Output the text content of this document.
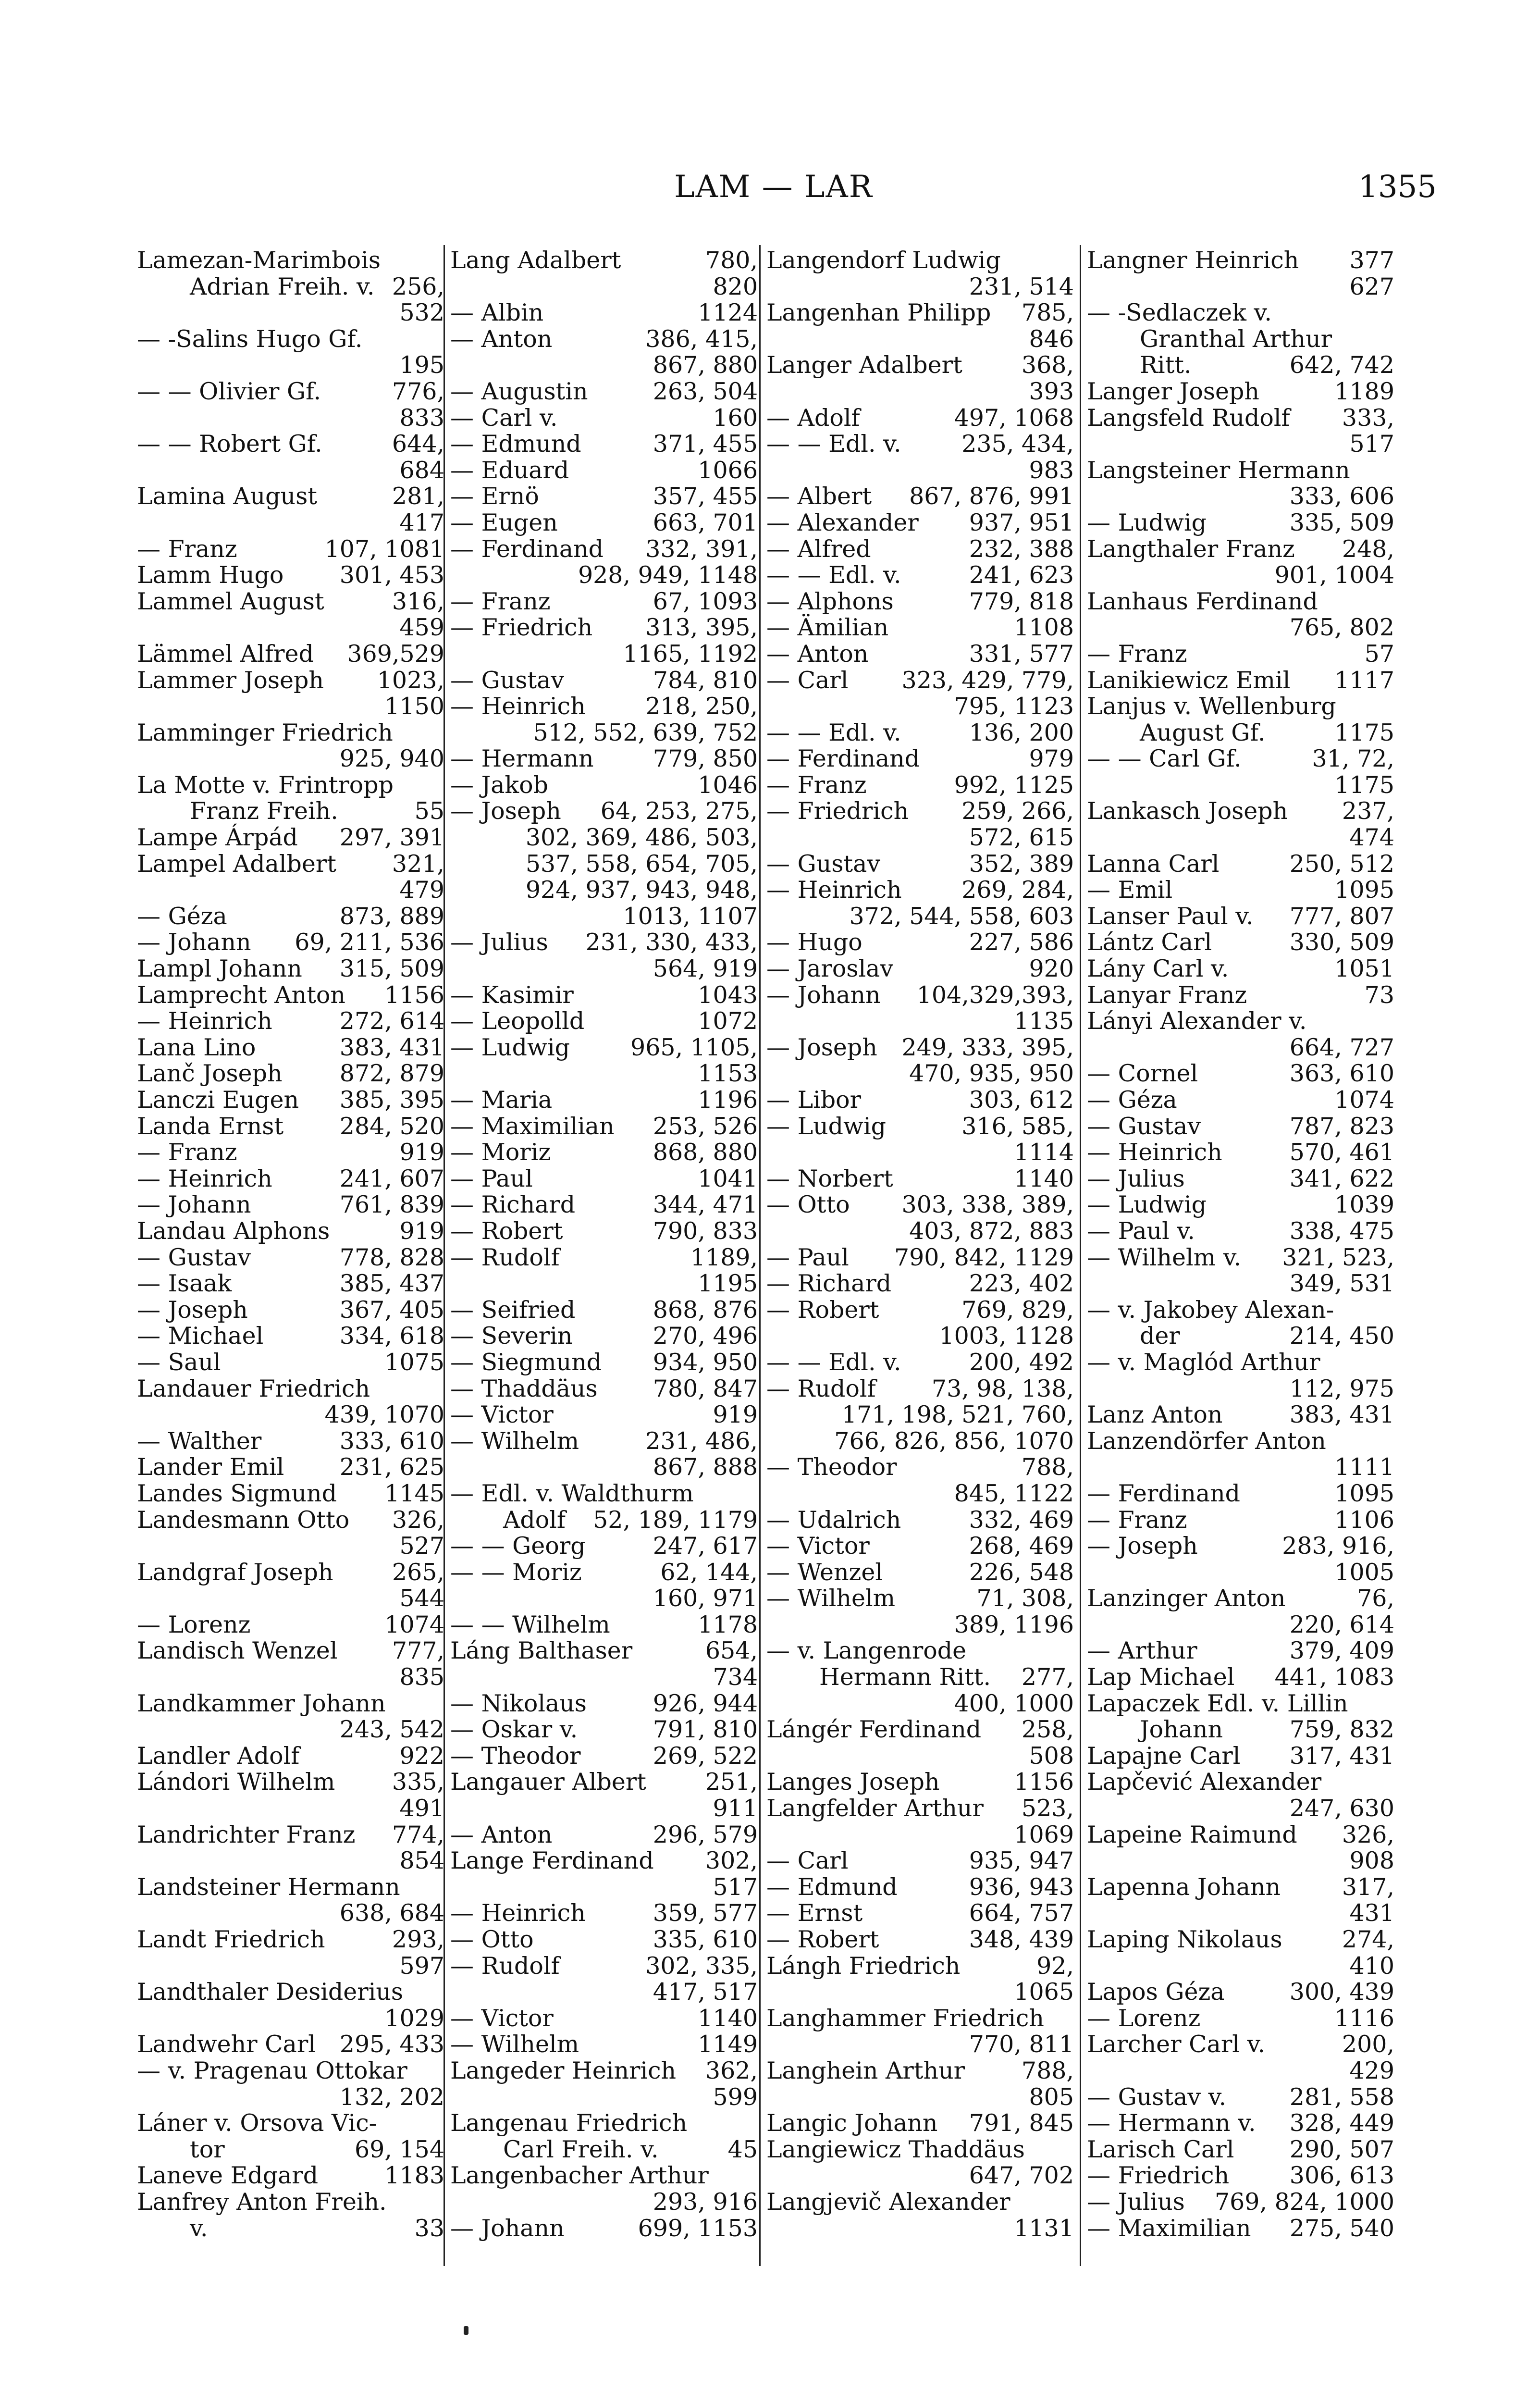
LAM — LAR	1355
Lamezan-Marimbois
256,
Adrian Freih. v.
532
— -Salins Hugo Gf.
195
776,
— — Olivier Gf.
833
644,
— — Robert Gf.
684
281,
Lamina August
417
107, 1081
— Franz
301, 453
Lamm Hugo
316,
Lammel August
459
369,529
Lämmel Alfred
1023,
Lammer Joseph
1150
Lamminger Friedrich
925, 940
La Motte v. Frintropp
55
Franz Freih.
297, 391
Lampe Árpád
321,
Lampel Adalbert
479
873, 889
— Géza
69, 211, 536
— Johann
315, 509
Lampl Johann
1156
Lamprecht Anton
272, 614
— Heinrich
383, 431
Lana Lino
872, 879
Lanč Joseph
385, 395
Lanczi Eugen
284, 520
Landa Ernst
919
— Franz
241, 607
— Heinrich
761, 839
— Johann
919
Landau Alphons
778, 828
— Gustav
385, 437
— Isaak
367, 405
— Joseph
334, 618
— Michael
1075
— Saul
Landauer Friedrich
439, 1070
333, 610
— Walther
231, 625
Lander Emil
1145
Landes Sigmund
326,
Landesmann Otto
527
265,
Landgraf Joseph
544
1074
— Lorenz
777,
Landisch Wenzel
835
Landkammer Johann
243, 542
922
Landler Adolf
335,
Lándori Wilhelm
491
774,
Landrichter Franz
854
Landsteiner Hermann
638, 684
293,
Landt Friedrich
597
Landthaler Desiderius
1029
295, 433
Landwehr Carl
— v. Pragenau Ottokar
132, 202
Láner v. Orsova Vic-
69, 154
tor
1183
Laneve Edgard
Lanfrey Anton Freih.
33
v.
780,
Lang Adalbert
820
1124
— Albin
386, 415,
— Anton
867, 880
263, 504
— Augustin
160
— Carl v.
371, 455
— Edmund
1066
— Eduard
357, 455
— Ernö
663, 701
— Eugen
332, 391,
— Ferdinand
928, 949, 1148
67, 1093
— Franz
313, 395,
— Friedrich
1165, 1192
784, 810
— Gustav
218, 250,
— Heinrich
512, 552, 639, 752
779, 850
— Hermann
1046
— Jakob
64, 253, 275,
— Joseph
302, 369, 486, 503,
537, 558, 654, 705,
924, 937, 943, 948,
1013, 1107
231, 330, 433,
— Julius
564, 919
1043
— Kasimir
1072
— Leopolld
965, 1105,
— Ludwig
1153
1196
— Maria
253, 526
— Maximilian
868, 880
— Moriz
1041
— Paul
344, 471
— Richard
790, 833
— Robert
1189,
— Rudolf
1195
868, 876
— Seifried
270, 496
— Severin
934, 950
— Siegmund
780, 847
— Thaddäus
919
— Victor
231, 486,
— Wilhelm
867, 888
— Edl. v. Waldthurm
52, 189, 1179
Adolf
247, 617
— — Georg
62, 144,
— — Moriz
160, 971
1178
— — Wilhelm
654,
Láng Balthaser
734
926, 944
— Nikolaus
791, 810
— Oskar v.
269, 522
— Theodor
251,
Langauer Albert
911
296, 579
— Anton
302,
Lange Ferdinand
517
359, 577
— Heinrich
335, 610
— Otto
302, 335,
— Rudolf
417, 517
1140
— Victor
1149
— Wilhelm
362,
Langeder Heinrich
599
Langenau Friedrich
45
Carl Freih. v.
Langenbacher Arthur
293, 916
699, 1153
— Johann
Langendorf Ludwig
231, 514
785,
Langenhan Philipp
846
368,
Langer Adalbert
393
497, 1068
— Adolf
235, 434,
— — Edl. v.
983
867, 876, 991
— Albert
937, 951
— Alexander
232, 388
— Alfred
241, 623
— — Edl. v.
779, 818
— Alphons
1108
— Ämilian
331, 577
— Anton
323, 429, 779,
— Carl
795, 1123
136, 200
— — Edl. v.
979
— Ferdinand
992, 1125
— Franz
259, 266,
— Friedrich
572, 615
352, 389
— Gustav
269, 284,
— Heinrich
372, 544, 558, 603
227, 586
— Hugo
920
— Jaroslav
104,329,393,
— Johann
1135
249, 333, 395,
— Joseph
470, 935, 950
303, 612
— Libor
316, 585,
— Ludwig
1114
1140
— Norbert
303, 338, 389,
— Otto
403, 872, 883
790, 842, 1129
— Paul
223, 402
— Richard
769, 829,
— Robert
1003, 1128
200, 492
— — Edl. v.
73, 98, 138,
— Rudolf
171, 198, 521, 760,
766, 826, 856, 1070
788,
— Theodor
845, 1122
332, 469
— Udalrich
268, 469
— Victor
226, 548
— Wenzel
71, 308,
— Wilhelm
389, 1196
— v. Langenrode
277,
Hermann Ritt.
400, 1000
258,
Lángér Ferdinand
508
1156
Langes Joseph
523,
Langfelder Arthur
1069
935, 947
— Carl
936, 943
— Edmund
664, 757
— Ernst
348, 439
— Robert
92,
Lángh Friedrich
1065
Langhammer Friedrich
770, 811
788,
Langhein Arthur
805
791, 845
Langic Johann
Langiewicz Thaddäus
647, 702
Langjevič Alexander
1131
377
Langner Heinrich
627
— -Sedlaczek v.
Granthal Arthur
642, 742
Ritt.
1189
Langer Joseph
333,
Langsfeld Rudolf
517
Langsteiner Hermann
333, 606
335, 509
— Ludwig
248,
Langthaler Franz
901, 1004
Lanhaus Ferdinand
765, 802
57
— Franz
1117
Lanikiewicz Emil
Lanjus v. Wellenburg
1175
August Gf.
31, 72,
— — Carl Gf.
1175
237,
Lankasch Joseph
474
250, 512
Lanna Carl
1095
— Emil
777, 807
Lanser Paul v.
330, 509
Lántz Carl
1051
Lány Carl v.
73
Lanyar Franz
Lányi Alexander v.
664, 727
363, 610
— Cornel
1074
— Géza
787, 823
— Gustav
570, 461
— Heinrich
341, 622
— Julius
1039
— Ludwig
338, 475
— Paul v.
321, 523,
— Wilhelm v.
349, 531
— v. Jakobey Alexan-
214, 450
der
— v. Maglód Arthur
112, 975
383, 431
Lanz Anton
Lanzendörfer Anton
1111
1095
— Ferdinand
1106
— Franz
283, 916,
— Joseph
1005
76,
Lanzinger Anton
220, 614
379, 409
— Arthur
441, 1083
Lap Michael
Lapaczek Edl. v. Lillin
759, 832
Johann
317, 431
Lapajne Carl
Lapčević Alexander
247, 630
326,
Lapeine Raimund
908
317,
Lapenna Johann
431
274,
Laping Nikolaus
410
300, 439
Lapos Géza
1116
— Lorenz
200,
Larcher Carl v.
429
281, 558
— Gustav v.
328, 449
— Hermann v.
290, 507
Larisch Carl
306, 613
— Friedrich
769, 824, 1000
— Julius
275, 540
— Maximilian
